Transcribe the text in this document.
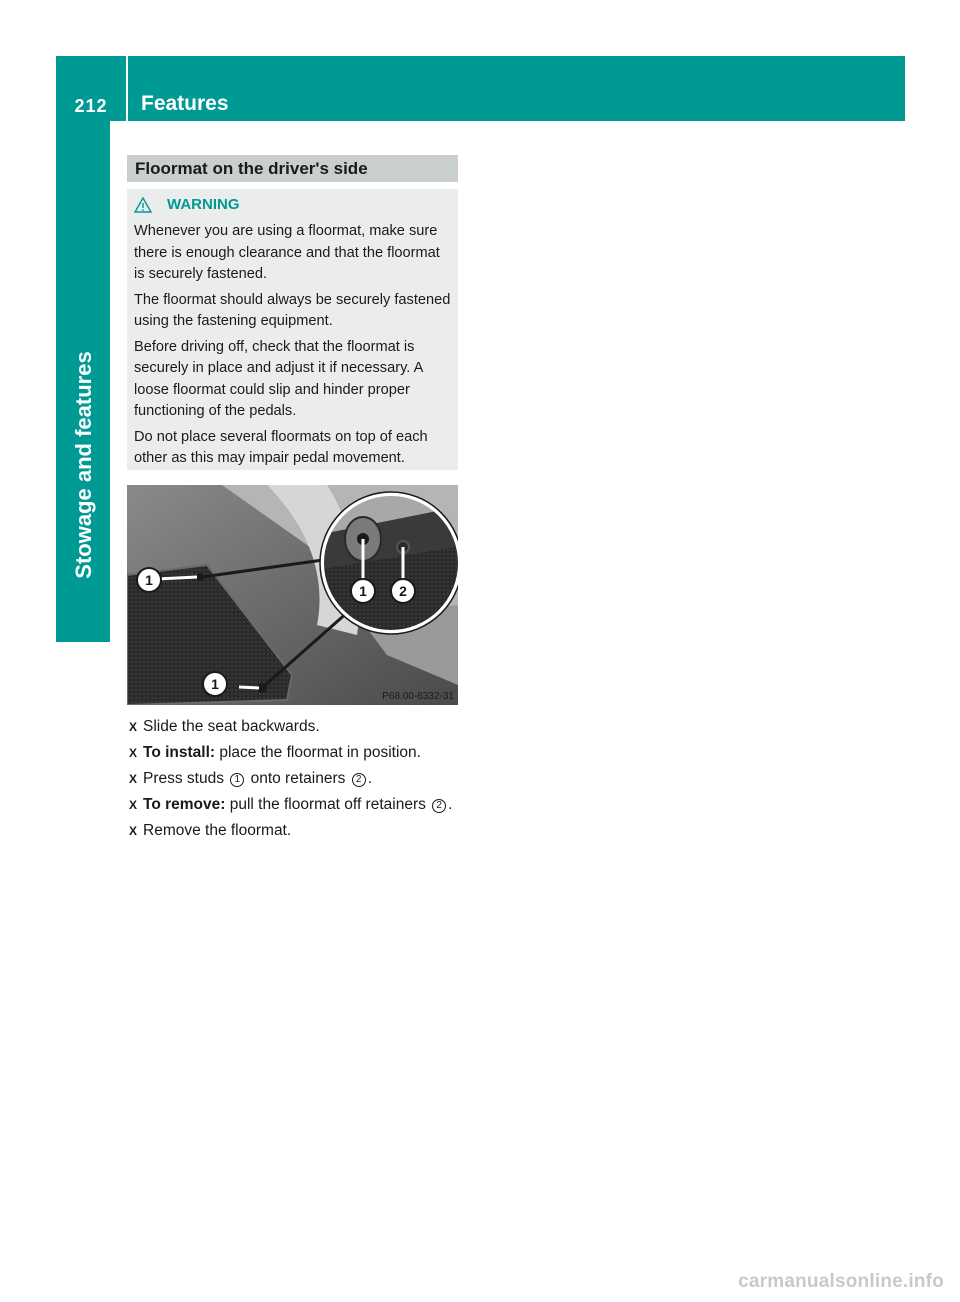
212	Features
Stowage and features
Floormat on the driver's side
WARNING

Whenever you are using a floormat, make sure there is enough clearance and that the floormat is securely fastened.

The floormat should always be securely fastened using the fastening equipment.

Before driving off, check that the floormat is securely in place and adjust it if necessary. A loose floormat could slip and hinder proper functioning of the pedals.

Do not place several floormats on top of each other as this may impair pedal movement.

1
1
1 2
P68.00-6332-31
X Slide the seat backwards.
X To install: place the floormat in position.
X Press studs 1 onto retainers 2 .
X To remove: pull the floormat off retainers 2 .
X Remove the floormat.
carmanualsonline.info
